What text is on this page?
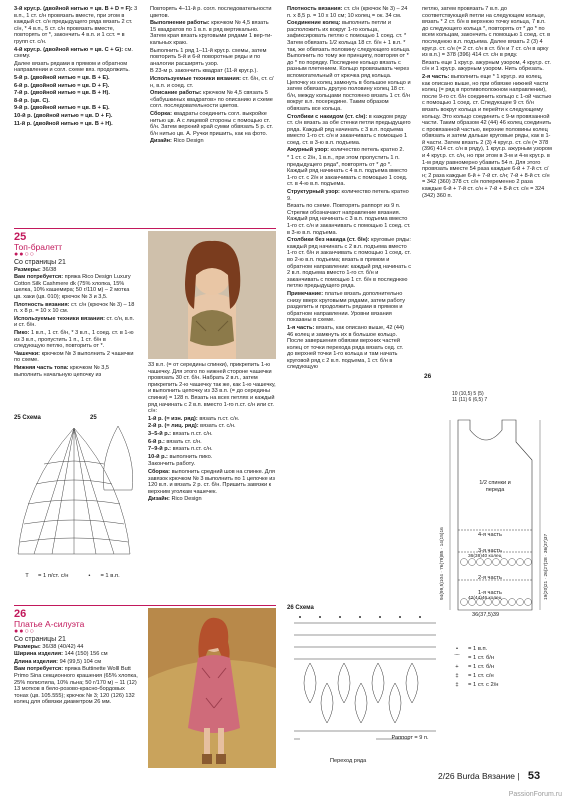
3-й круг.р. (двойной нитью = цв. В + D = F): 3 в.п., 1 ст. с/н провязать вместе, при этом в каждый ст. с/н предыдущего ряда вязать 2 ст. с/н, * 4 в.п., 5 ст. с/н провязать вместе, повторять от *, закончить 4 в.п. и 1 сст. = в групп ст. с/н.

4-й круг.р. (двойной нитью = цв. С + G): см. схему.

Далее вязать рядами в прямом и обратном направлении и согл. схеме вяз. продолжить.

5-й р. (двойной нитью = цв. В + Е).

6-й р. (двойной нитью = цв. D + F).

7-й р. (двойной нитью = цв. В + Н).

8-й р. (цв. С).

9-й р. (двойной нитью = цв. В + Е).

10-й р. (двойной нитью = цв. D + F).

11-й р. (двойной нитью = цв. В + Н).

Повторять 4–11-й р. согл. последовательности цветов.

Выполнение работы: крючком № 4,5 вязать 15 квадратов по 1 в.п. в ряд вертикально. Затем края вязать круговыми рядами 1 вер-ти-кальных краю.

Выполнить 1 ряд 1–11-й круг.р. схемы, затем повторить 5-й и 6-й поворотные ряды и по аналогии расширять узор.

В 23-м р. закончить квадрат (11-й круг.р.).

Используемые техники вязания: ст. б/н, ст. с/н, в.п. и соед. ст.

Описание работы: крючком № 4,5 связать 5 «бабушкиных квадратов» по описанию и схеме согл. последовательности цветов.

Сборка: квадраты соединить согл. выкройке нитью цв. А с лицевой стороны с помощью ст. б/н. Затем верхний край сумки обвязать 5 р. ст. б/н нитью цв. А. Ручки пришить, как на фото.

Дизайн: Rico Design

Плотность вязания: ст. с/н (крючок № 3) – 24 п. х 8,5 р. = 10 х 10 см; 10 колец = ок. 34 см.

Соединение колец: выполнить петли и расположить их вокруг 1-го кольца, зафиксировать петлю с помощью 1 соед. ст. * Затем обвязать 1/2 кольца 18 ст. б/н + 1 в.п. * так, же обвязать половину следующего кольца. Выполнить по тому же принципу, повторяя от * до * по порядку. Последнее кольцо вязать с разным плетением. Кольцо провязывать через вспомогательный от крючка ряд кольца. Цепочку из колец замкнуть в большое кольцо и затем обвязать другую половину колец 18 ст. б/н, между кольцами постоянно вязать 1 ст. б/н вокруг в.п. посередине. Таким образом обвязать все кольца.

Столбики с накидом (ст. с/н): в каждом ряду ст. с/н вязать за обе стенки петли предыдущего ряда. Каждый ряд начинать с 3 в.п. подъема вместо 1-го ст. с/н и заканчивать с помощью 1 соед. ст. в 3-ю в.п. подъема.

Ажурный узор: количество петель кратно 2.

* 1 ст. с 2/н, 1 в.п., при этом пропустить 1 п. предыдущего ряда*, повторять от * до *. Каждый ряд начинать с 4 в.п. подъема вместо 1-го ст. с 2/н и заканчивать с помощью 1 соед. ст. в 4-ю в.п. подъема.

Структурный узор: количество петель кратно 9.

Вязать по схеме. Повторять раппорт из 9 п. Стрелки обозначают направление вязания. Каждый ряд начинать с 3 в.п. подъема вместо 1-го ст. с/н и заканчивать с помощью 1 соед. ст. в 3-ю в.п. подъема.

Столбики без накида (ст. б/н): круговые ряды: каждый ряд начинать с 2 в.п. подъема вместо 1-го ст. б/н и заканчивать с помощью 1 соед. ст. во 2-ю в.п. подъема; вязать в прямом и обратном направлении: каждый ряд начинать с 2 в.п. подъема вместо 1-го ст. б/н и заканчивать с помощью 1 ст. б/н в последнюю петлю предыдущего ряда.

Примечание: платье вязать дополнительно снизу вверх круговыми рядами, затем работу разделить и продолжить рядами в прямом и обратном направлении. Уровни вязания показаны в схеме.

1-я часть: вязать, как описано выше, 42 (44) 46 колец и замкнуть их в большое кольцо. После завершения обвязки верхних частей колец от точки перехода ряда вязать сед. ст. до верхней точки 1-го кольца и там начать круговой ряд с 2 в.п. подъема, 1 ст. б/н в следующую

петлю, затем провязать 7 в.п. до соответствующей петли на следующем кольце, вязать * 2 ст. б/н в верхнюю точку кольца, 7 в.п. до следующего кольца *, повторять от * до * по всем кольцам, закончить с помощью 1 соед. ст. в последнюю в.п. подъема. Далее вязать 2 (3) 4 круг.р. ст. с/н (= 2 ст. с/н в ст. б/н и 7 ст. с/н в арку из в.п.) = 378 (396) 414 ст. с/н в ряду.

Вязать еще 1 круг.р. ажурным узором, 4 круг.р. ст. с/н и 1 круг.р. ажурным узором. Нить обрезать.

2-я часть: выполнить еще * 1 круг.р. из колец, как описано выше, но при обвязке нижней части колец (= ряд в противоположном направлении), после 9-го ст. б/н соединить кольцо с 1-ой частью с помощью 1 соед. ст. Следующее 9 ст. б/н вязать вокруг кольца и перейти к следующему кольцу. Это кольцо соединить с 9-м провязанной части. Таким образом 42 (44) 46 колец соединить с провязанной частью, верхние половины колец обвязать и затем дальше круговые ряды, как в 1-й части. Затем вязать 2 (3) 4 круг.р. ст. с/н (= 378 (396) 414 ст. с/н в ряду), 1 круг.р. ажурным узором и 4 круг.р. ст. с/н, но при этом в 3-м и 4-м круг.р. в 1-м ряду равномерно убавить 54 п. Для этого провязать вместе 54 раза каждые 6-й + 7-й ст. с/н; 2 раза каждые 6-й + 7-й ст. с/н; 7-й + 8-й ст. с/н = 342 (360) 378 ст. с/н попеременно 2 раза каждые 6-й + 7-й ст. с/н + 7-й + 8-й ст. с/н = 324 (342) 360 п.

25
Топ-бралетт
●●○○
Со страницы 21

Размеры: 36/38

Вам потребуется: пряжа Rico Design Luxury Cotton Silk Cashmere dk (75% хлопка, 15% шелка, 10% кашемира; 50 г/110 м) – 2 мотка цв. хаки (цв. 010); крючок № 3 и 3,5.

Плотность вязания: ст. с/н (крючок № 3) – 18 п. х 8 р. = 10 х 10 см.

Используемые техники вязания: ст. с/н, в.п. и ст. б/н.

Пико: 1 в.п., 1 ст. б/н, * 3 в.п., 1 соед. ст. в 1-ю из 3 в.п., пропустить 1 п., 1 ст. б/н в следующую петлю, повторить от *.

Чашечки: крючком № 3 выполнить 2 чашечки по схеме.

Нижняя часть топа: крючком № 3,5 выполнить начальную цепочку из

33 в.п. (= от середины спинки), прикрепить 1-ю чашечку. Для этого по нижней стороне чашечки провязать 30 ст. б/н. Набрать 2 в.п., затем прикрепить 2-ю чашечку так же, как 1-ю чашечку, и выполнить цепочку из 33 в.п. (= до середины спинки) = 128 п. Вязать на всех петлях и каждый ряд начинать с 2 в.п. вместо 1-го п.ст. с/н или ст. с/н:

1-й р. (= изн. ряд): вязать п.ст. с/н.

2-й р. (= лиц. ряд): вязать ст. с/н.

3–5-й р.: вязать п.ст. с/н.

6-й р.: вязать ст. с/н.

7–9-й р.: вязать п.ст. с/н.

10-й р.: выполнить пико.

Закончить работу.

Сборка: выполнить средний шов на спинке. Для завязок крючком № 3 выполнить по 1 цепочке из 120 в.п. и вязать 2 р. ст. б/н. Пришить завязки к верхним уголкам чашечек.

Дизайн: Rico Design

25 Схема	25
T	= 1 п/ст. с/н	•	= 1 в.п.
26
Платье А-силуэта
●●○○
Со страницы 21

Размеры: 36/38 (40/42) 44

Ширина изделия: 144 (150) 156 см

Длина изделия: 94 (99,5) 104 см

Вам потребуется: пряжа Buttinette Wolll Butt Primo Sina секционного крашения (65% хлопка, 25% полиэтила, 10% льна; 50 г/170 м) – 11 (12) 13 мотков в бело-розово-красно-бордовых тонах (цв. 105.555); крючок № 3; 120 (126) 132 колец для обвязки диаметром 26 мм.

26 Схема
Раппорт = 9 п.
Переход ряда
•	= 1 в.п.
⌒	= 1 ст. б/н
+	= 1 ст. б/н
‡	= 1 ст. с/н
‡	= 1 ст. с 2/н
26
10 (10,5) 5 (5)
11 (11) 6 (6,5) 7
1/2 спинки и переда
4-я часть
3-я часть
36(38)40 колец
2-я часть
1-я часть
42(44)46 колец
36(37,5)39
19(20)21 · 26(27)28 · 36(37)37
94(99,5)104 · 76(79)85 · 14(15)16
2/26 Burda Вязание | 53
PassionForum.ru
